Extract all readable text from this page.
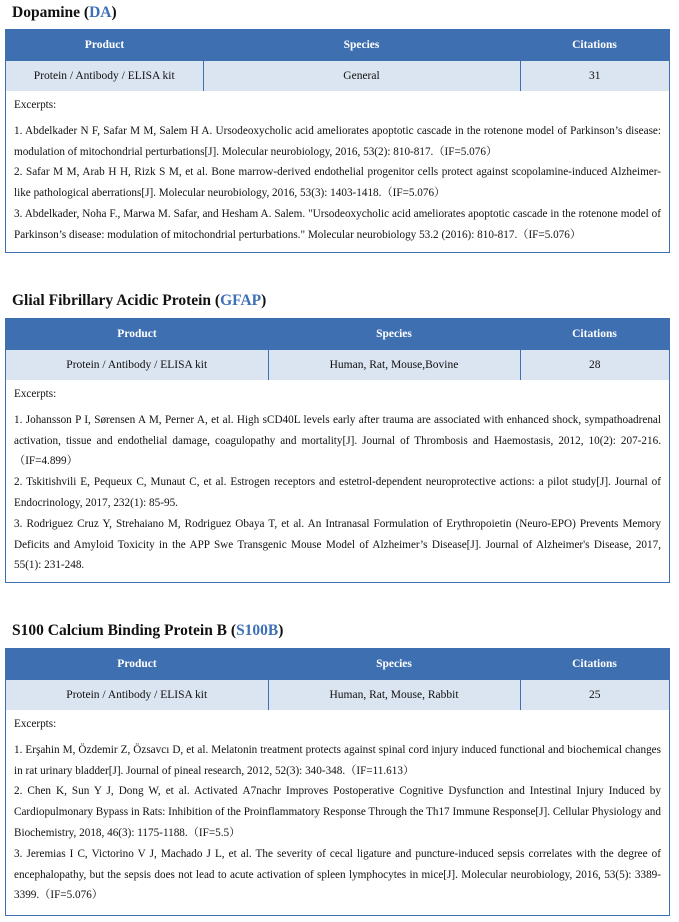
Dopamine (DA)
Product	Species	Citations
Protein / Antibody / ELISA kit	General	31
Excerpts:

1. Abdelkader N F, Safar M M, Salem H A. Ursodeoxycholic acid ameliorates apoptotic cascade in the rotenone model of Parkinson’s disease: modulation of mitochondrial perturbations[J]. Molecular neurobiology, 2016, 53(2): 810-817.（IF=5.076）

2. Safar M M, Arab H H, Rizk S M, et al. Bone marrow-derived endothelial progenitor cells protect against scopolamine-induced Alzheimer-like pathological aberrations[J]. Molecular neurobiology, 2016, 53(3): 1403-1418.（IF=5.076）

3. Abdelkader, Noha F., Marwa M. Safar, and Hesham A. Salem. "Ursodeoxycholic acid ameliorates apoptotic cascade in the rotenone model of Parkinson’s disease: modulation of mitochondrial perturbations." Molecular neurobiology 53.2 (2016): 810-817.（IF=5.076）

Glial Fibrillary Acidic Protein (GFAP)
Product	Species	Citations
Protein / Antibody / ELISA kit	Human, Rat, Mouse,Bovine	28
Excerpts:

1. Johansson P I, Sørensen A M, Perner A, et al. High sCD40L levels early after trauma are associated with enhanced shock, sympathoadrenal activation, tissue and endothelial damage, coagulopathy and mortality[J]. Journal of Thrombosis and Haemostasis, 2012, 10(2): 207-216.（IF=4.899）

2. Tskitishvili E, Pequeux C, Munaut C, et al. Estrogen receptors and estetrol-dependent neuroprotective actions: a pilot study[J]. Journal of Endocrinology, 2017, 232(1): 85-95.

3. Rodriguez Cruz Y, Strehaiano M, Rodriguez Obaya T, et al. An Intranasal Formulation of Erythropoietin (Neuro-EPO) Prevents Memory Deficits and Amyloid Toxicity in the APP Swe Transgenic Mouse Model of Alzheimer’s Disease[J]. Journal of Alzheimer's Disease, 2017, 55(1): 231-248.

S100 Calcium Binding Protein B (S100B)
Product	Species	Citations
Protein / Antibody / ELISA kit	Human, Rat, Mouse, Rabbit	25
Excerpts:

1. Erşahin M, Özdemir Z, Özsavcı D, et al. Melatonin treatment protects against spinal cord injury induced functional and biochemical changes in rat urinary bladder[J]. Journal of pineal research, 2012, 52(3): 340-348.（IF=11.613）

2. Chen K, Sun Y J, Dong W, et al. Activated Α7nachr Improves Postoperative Cognitive Dysfunction and Intestinal Injury Induced by Cardiopulmonary Bypass in Rats: Inhibition of the Proinflammatory Response Through the Th17 Immune Response[J]. Cellular Physiology and Biochemistry, 2018, 46(3): 1175-1188.（IF=5.5）

3. Jeremias I C, Victorino V J, Machado J L, et al. The severity of cecal ligature and puncture-induced sepsis correlates with the degree of encephalopathy, but the sepsis does not lead to acute activation of spleen lymphocytes in mice[J]. Molecular neurobiology, 2016, 53(5): 3389-3399.（IF=5.076）
